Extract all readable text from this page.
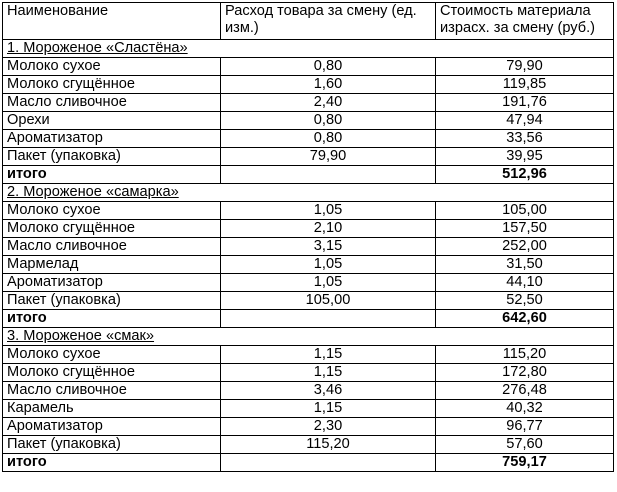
Наименование	Расход товара за смену (ед. изм.)	Стоимость материала израсх. за смену (руб.)
1. Мороженое «Сластёна»		
Молоко сухое	0,80	79,90
Молоко сгущённое	1,60	119,85
Масло сливочное	2,40	191,76
Орехи	0,80	47,94
Ароматизатор	0,80	33,56
Пакет (упаковка)	79,90	39,95
итого		512,96
2. Мороженое «самарка»		
Молоко сухое	1,05	105,00
Молоко сгущённое	2,10	157,50
Масло сливочное	3,15	252,00
Мармелад	1,05	31,50
Ароматизатор	1,05	44,10
Пакет (упаковка)	105,00	52,50
итого		642,60
3. Мороженое «смак»		
Молоко сухое	1,15	115,20
Молоко сгущённое	1,15	172,80
Масло сливочное	3,46	276,48
Карамель	1,15	40,32
Ароматизатор	2,30	96,77
Пакет (упаковка)	115,20	57,60
итого		759,17
